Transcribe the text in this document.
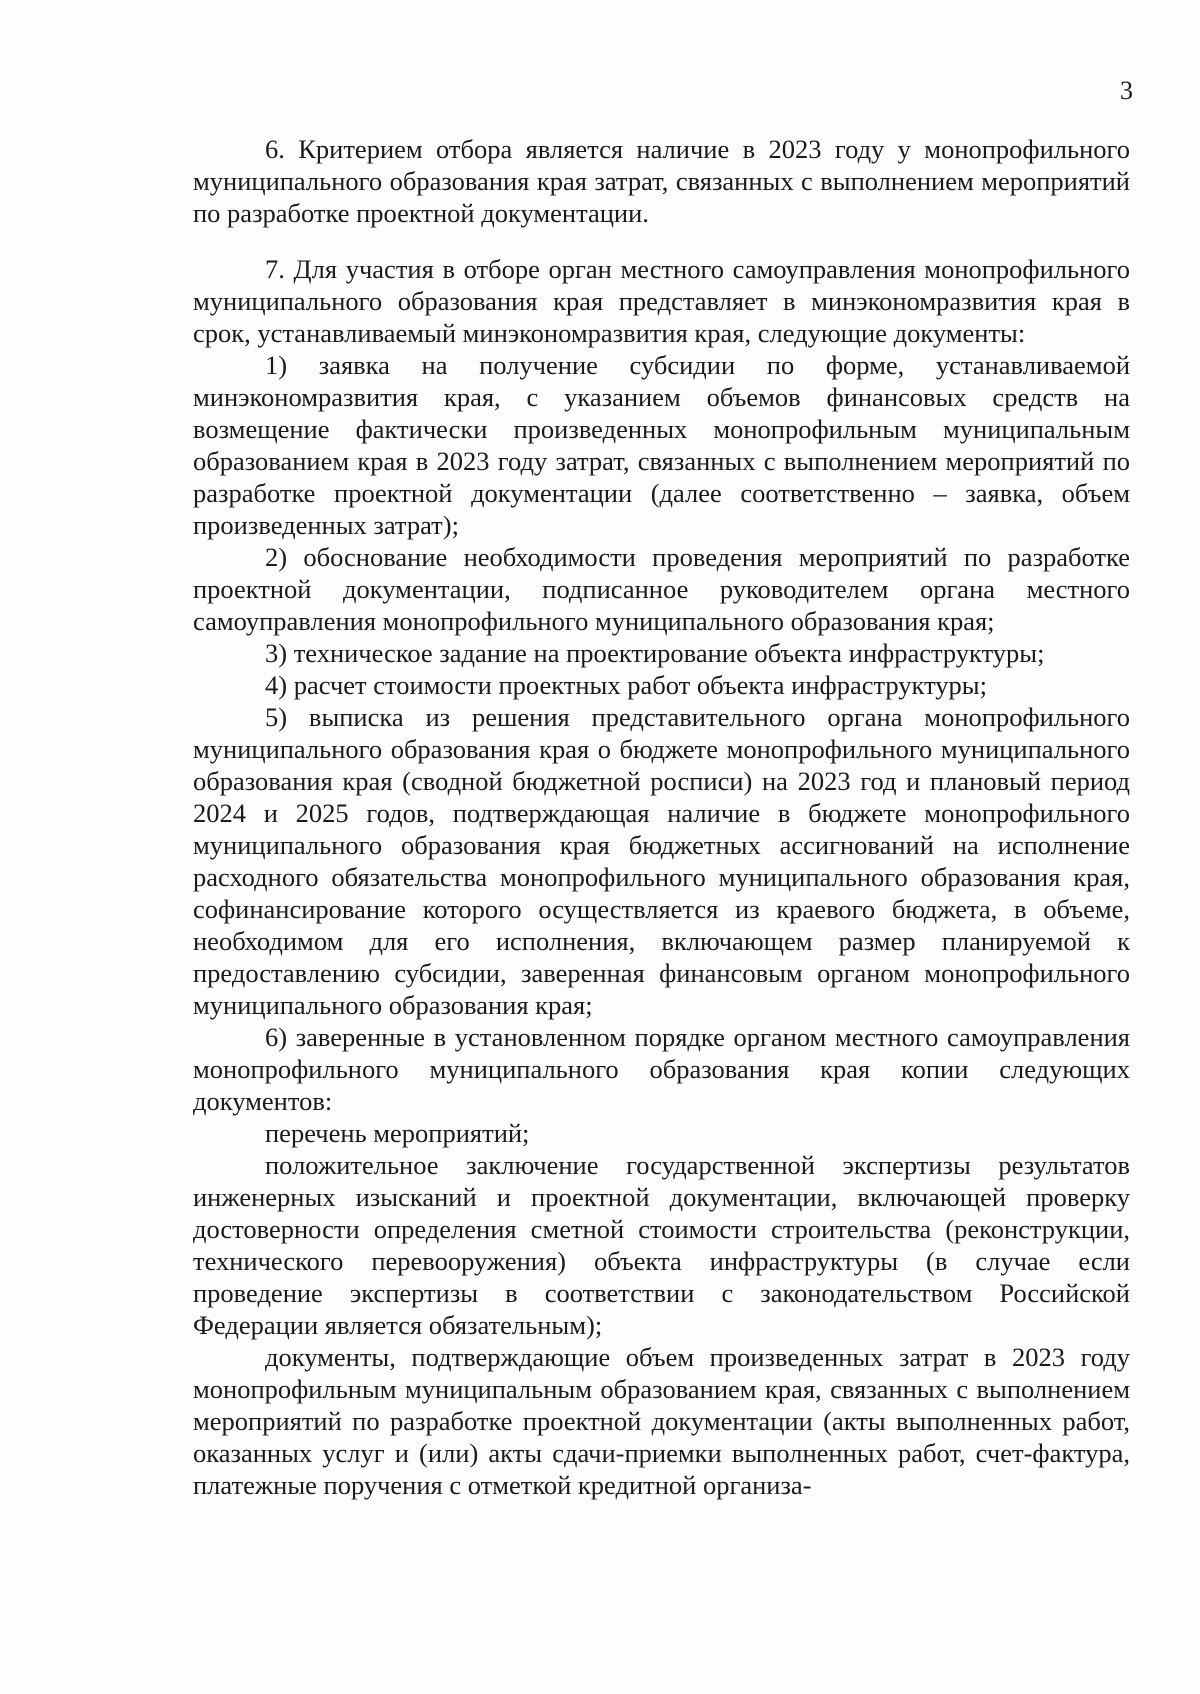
3

6. Критерием отбора является наличие в 2023 году у монопрофильного муниципального образования края затрат, связанных с выполнением мероприятий по разработке проектной документации.

7. Для участия в отборе орган местного самоуправления монопрофильного муниципального образования края представляет в минэкономразвития края в срок, устанавливаемый минэкономразвития края, следующие документы:

1) заявка на получение субсидии по форме, устанавливаемой минэкономразвития края, с указанием объемов финансовых средств на возмещение фактически произведенных монопрофильным муниципальным образованием края в 2023 году затрат, связанных с выполнением мероприятий по разработке проектной документации (далее соответственно – заявка, объем произведенных затрат);

2) обоснование необходимости проведения мероприятий по разработке проектной документации, подписанное руководителем органа местного самоуправления монопрофильного муниципального образования края;

3) техническое задание на проектирование объекта инфраструктуры;

4) расчет стоимости проектных работ объекта инфраструктуры;

5) выписка из решения представительного органа монопрофильного муниципального образования края о бюджете монопрофильного муниципального образования края (сводной бюджетной росписи) на 2023 год и плановый период 2024 и 2025 годов, подтверждающая наличие в бюджете монопрофильного муниципального образования края бюджетных ассигнований на исполнение расходного обязательства монопрофильного муниципального образования края, софинансирование которого осуществляется из краевого бюджета, в объеме, необходимом для его исполнения, включающем размер планируемой к предоставлению субсидии, заверенная финансовым органом монопрофильного муниципального образования края;

6) заверенные в установленном порядке органом местного самоуправления монопрофильного муниципального образования края копии следующих документов:

перечень мероприятий;

положительное заключение государственной экспертизы результатов инженерных изысканий и проектной документации, включающей проверку достоверности определения сметной стоимости строительства (реконструкции, технического перевооружения) объекта инфраструктуры (в случае если проведение экспертизы в соответствии с законодательством Российской Федерации является обязательным);

документы, подтверждающие объем произведенных затрат в 2023 году монопрофильным муниципальным образованием края, связанных с выполнением мероприятий по разработке проектной документации (акты выполненных работ, оказанных услуг и (или) акты сдачи-приемки выполненных работ, счет-фактура, платежные поручения с отметкой кредитной организа-
